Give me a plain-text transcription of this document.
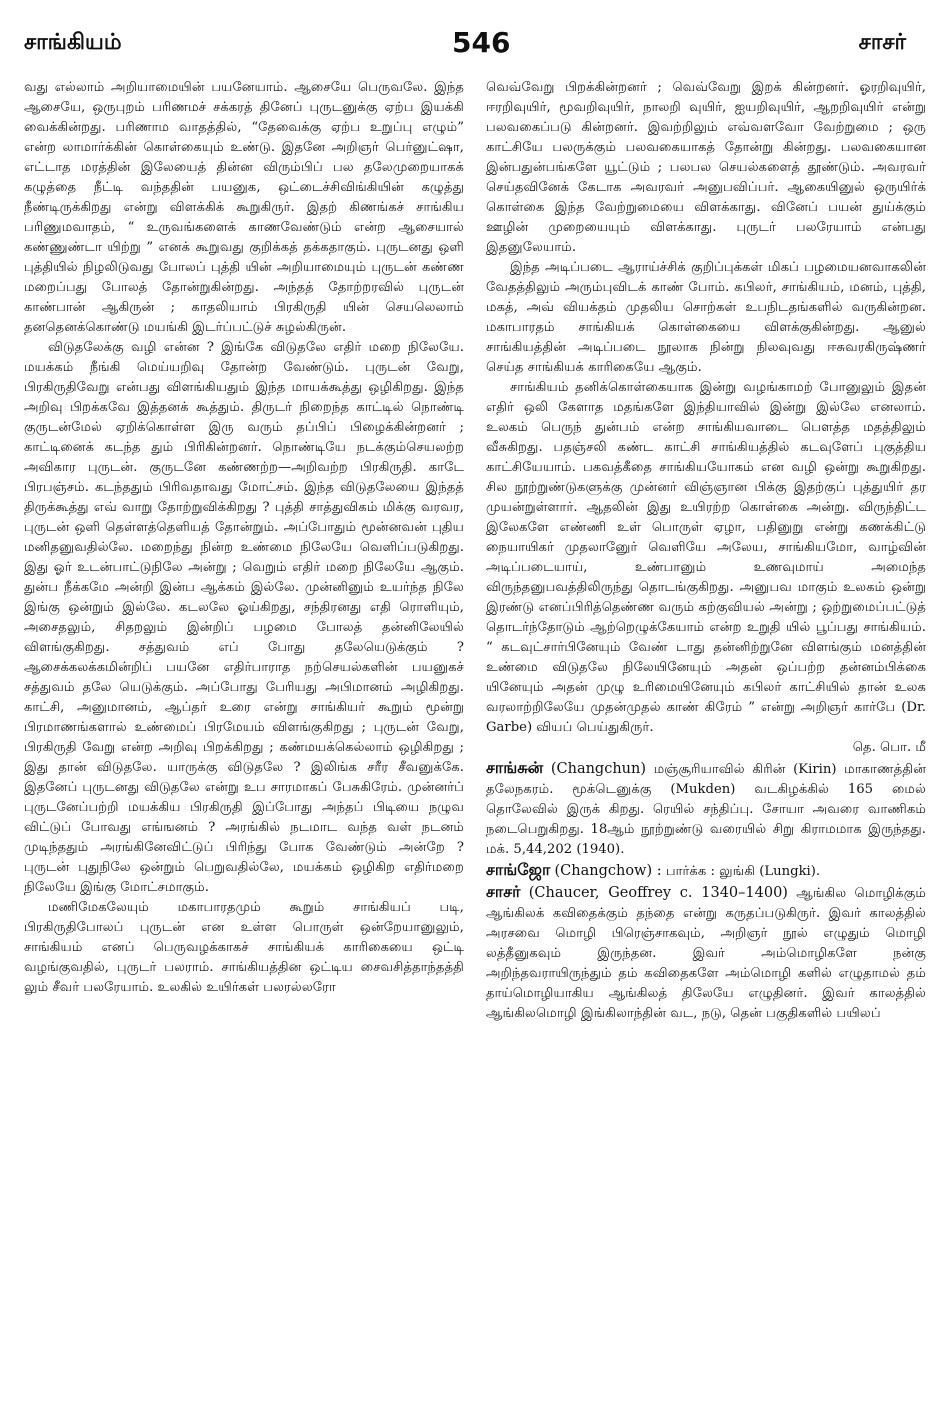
சாங்கியம்	546	சாசர்

வது எல்லாம் அறியாமையின் பயனேயாம். ஆசையே பெருவலே. இந்த ஆசையே, ஒருபுறம் பரிணமச் சக்கரத் தினேப் புருடனுக்கு ஏற்ப இயக்கி வைக்கின்றது. பரிணாம வாதத்தில், “தேவைக்கு ஏற்ப உறுப்பு எழும்” என்ற லாமார்க்கின் கொள்கையும் உண்டு. இதனே அறிஞர் பெர்னுட்ஷா, எட்டாத மரத்தின் இலேயைத் தின்ன விரும்பிப் பல தலேமுறையாகக் கழுத்தை நீட்டி வந்ததின் பயனுக, ஒட்டைச்சிவிங்கியின் கழுத்து நீண்டிருக்கிறது என்று விளக்கிக் கூறுகிருர். இதற் கிணங்கச் சாங்கிய பரிணுமவாதம், “ உருவங்களைக் காணவேண்டும் என்ற ஆசையால் கண்ணுண்டா யிற்று ” எனக் கூறுவது குறிக்கத் தக்கதாகும். புருடனது ஒளி புத்தியில் நிழலிடுவது போலப் புத்தி யின் அறியாமையும் புருடன் கண்ண மறைப்பது போலத் தோன்றுகின்றது. அந்தத் தோற்றரவில் புருடன் காண்பான் ஆகிருன் ; காதலியாம் பிரகிருதி யின் செயலெலாம் தனதெனக்கொண்டு மயங்கி இடர்ப்பட்டுச் சுழல்கிருன்.

விடுதலேக்கு வழி என்ன ? இங்கே விடுதலே எதிர் மறை நிலேயே. மயக்கம் நீங்கி மெய்யறிவு தோன்ற வேண்டும். புருடன் வேறு, பிரகிருதிவேறு என்பது விளங்கியதும் இந்த மாயக்கூத்து ஒழிகிறது. இந்த அறிவு பிறக்கவே இத்தனக் கூத்தும். திருடர் நிறைந்த காட்டில் நொண்டி குருடன்மேல் ஏறிக்கொள்ள இரு வரும் தப்பிப் பிழைக்கின்றனர் ; காட்டினைக் கடந்த தும் பிரிகின்றனர். நொண்டியே நடக்கும்செயலற்ற அவிகார புருடன். குருடனே கண்ணற்ற—அறிவற்ற பிரகிருதி. காடே பிரபஞ்சம். கடந்ததும் பிரிவதாவது மோட்சம். இந்த விடுதலேயை இந்தத் திருக்கூத்து எவ் வாறு தோற்றுவிக்கிறது ? புத்தி சாத்துவிகம் மிக்கு வரவர, புருடன் ஒளி தெள்ளத்தெளியத் தோன்றும். அப்போதும் மூன்னவன் புதிய மனிதனுவதில்லே. மறைந்து நின்ற உண்மை நிலேயே வெளிப்படுகிறது. இது ஓர் உடன்பாட்டுநிலே அன்று ; வெறும் எதிர் மறை நிலேயே ஆகும். துன்ப நீக்கமே அன்றி இன்ப ஆக்கம் இல்லே. முன்னினும் உயர்ந்த நிலே இங்கு ஒன்றும் இல்லே. கடலலே ஓய்கிறது, சந்திரனது எதி ரொளியும், அசைதலும், சிதறலும் இன்றிப் பழமை போலத் தன்னிலேயில் விளங்குகிறது. சத்துவம் எப் போது தலேயெடுக்கும் ? ஆசைக்கலக்கமின்றிப் பயனே எதிர்பாராத நற்செயல்களின் பயனுகச் சத்துவம் தலே யெடுக்கும். அப்போது பேரியது அபிமானம் அழிகிறது. காட்சி, அனுமானம், ஆப்தர் உரை என்று சாங்கியர் கூறும் மூன்று பிரமாணங்களால் உண்மைப் பிரமேயம் விளங்குகிறது ; புருடன் வேறு, பிரகிருதி வேறு என்ற அறிவு பிறக்கிறது ; கண்மயக்கெல்லாம் ஒழிகிறது ; இது தான் விடுதலே. யாருக்கு விடுதலே ? இலிங்க சரீர சீவனுக்கே. இதனேப் புருடனது விடுதலே என்று உப சாரமாகப் பேசுகிரேம். முன்னர்ப் புருடனேப்பற்றி மயக்கிய பிரகிருதி இப்போது அந்தப் பிடியை நழுவ விட்டுப் போவது எங்ஙனம் ? அரங்கில் நடமாட வந்த வள் நடனம் முடிந்ததும் அரங்கினேவிட்டுப் பிரிந்து போக வேண்டும் அன்றே ? புருடன் புதுநிலே ஒன்றும் பெறுவதில்லே, மயக்கம் ஒழிகிற எதிர்மறை நிலேயே இங்கு மோட்சமாகும்.

மணிமேகலேயும் மகாபாரதமும் கூறும் சாங்கியப் படி, பிரகிருதிபோலப் புருடன் என உள்ள பொருள் ஒன்றேயானுலும், சாங்கியம் எனப் பெருவழக்காகச் சாங்கியக் காரிகையை ஒட்டி வழங்குவதில், புருடர் பலராம். சாங்கியத்தின ஒட்டிய சைவசித்தாந்தத்தி லும் சீவர் பலரேயாம். உலகில் உயிர்கள் பலரல்லரோ

வெவ்வேறு பிறக்கின்றனர் ; வெவ்வேறு இறக் கின்றனர். ஓரறிவுயிர், ஈரறிவுயிர், மூவறிவுயிர், நாலறி வுயிர், ஐயறிவுயிர், ஆறறிவுயிர் என்று பலவகைப்படு கின்றனர். இவற்றிலும் எவ்வளவோ வேற்றுமை ; ஒரு காட்சியே பலருக்கும் பலவகையாகத் தோன்று கின்றது. பலவகையான இன்பதுன்பங்களே யூட்டும் ; பலபல செயல்களைத் தூண்டும். அவரவர் செய்தவினேக் கேடாக அவரவர் அனுபவிப்பர். ஆகையினுல் ஒருயிர்க் கொள்கை இந்த வேற்றுமையை விளக்காது. வினேப் பயன் துய்க்கும் ஊழின் முறையையும் விளக்காது. புருடர் பலரேயாம் என்பது இதனுலேயாம்.

இந்த அடிப்படை ஆராய்ச்சிக் குறிப்புக்கள் மிகப் பழமையனவாகலின் வேதத்திலும் அரும்புவிடக் காண் போம். கபிலர், சாங்கியம், மனம், புத்தி, மகத், அவ் வியக்தம் முதலிய சொற்கள் உபநிடதங்களில் வருகின்றன. மகாபாரதம் சாங்கியக் கொள்கையை விளக்குகின்றது. ஆனுல் சாங்கியத்தின் அடிப்படை நூலாக நின்று நிலவுவது ஈசுவரகிருஷ்ணர் செய்த சாங்கியக் காரிகையே ஆகும்.

சாங்கியம் தனிக்கொள்கையாக இன்று வழங்காமற் போனுலும் இதன் எதிர் ஒலி கேளாத மதங்களே இந்தியாவில் இன்று இல்லே எனலாம். உலகம் பெருந் துன்பம் என்ற சாங்கியவாடை பௌத்த மதத்திலும் வீசுகிறது. பதஞ்சலி கண்ட காட்சி சாங்கியத்தில் கடவுளேப் புகுத்திய காட்சியேயாம். பகவத்கீதை சாங்கியயோகம் என வழி ஒன்று கூறுகிறது. சில நூற்றுண்டுகளுக்கு முன்னர் விஞ்ஞான பிக்கு இதற்குப் புத்துயிர் தர முயன்றுள்ளார். ஆதலின் இது உயிரற்ற கொள்கை அன்று. விருந்திட்ட இலேகளே எண்ணி உள் பொருள் ஏழா, பதினுறு என்று கணக்கிட்டு நையாயிகர் முதலானுேர் வெளியே அலேய, சாங்கியமோ, வாழ்வின் அடிப்படையாய், உண்பானும் உணவுமாய் அமைந்த விருந்தனுபவத்திலிருந்து தொடங்குகிறது. அனுபவ மாகும் உலகம் ஒன்று இரண்டு எனப்பிரித்தெண்ண வரும் கற்குவியல் அன்று ; ஒற்றுமைப்பட்டுத் தொடர்ந்தோடும் ஆற்றெழுக்கேயாம் என்ற உறுதி யில் பூப்பது சாங்கியம். “ கடவுட்சார்பினேயும் வேண் டாது தன்னிற்றுனே விளங்கும் மனத்தின் உண்மை விடுதலே நிலேயினேயும் அதன் ஒப்பற்ற தன்னம்பிக்கை யினேயும் அதன் முழு உரிமையினேயும் கபிலர் காட்சியில் தான் உலக வரலாற்றிலேயே முதன்முதல் காண் கிரேம் ” என்று அறிஞர் கார்பே (Dr. Garbe) வியப் பெய்துகிருர்.

தெ. பொ. மீ

சாங்சுன் (Changchun) மஞ்சூரியாவில் கிரின் (Kirin) மாகாணத்தின் தலேநகரம். மூக்டெனுக்கு (Mukden) வடகிழக்கில் 165 மைல் தொலேவில் இருக் கிறது. ரெயில் சந்திப்பு. சோயா அவரை வாணிகம் நடைபெறுகிறது. 18ஆம் நூற்றுண்டு வரையில் சிறு கிராமமாக இருந்தது. மக். 5,44,202 (1940).

சாங்ஜோ (Changchow) : பார்க்க : லுங்கி (Lungki).

சாசர் (Chaucer, Geoffrey c. 1340–1400) ஆங்கில மொழிக்கும் ஆங்கிலக் கவிதைக்கும் தந்தை என்று கருதப்படுகிருர். இவர் காலத்தில் அரசவை மொழி பிரெஞ்சாகவும், அறிஞர் நூல் எழுதும் மொழி லத்தீனுகவும் இருந்தன. இவர் அம்மொழிகளே நன்கு அறிந்தவராயிருந்தும் தம் கவிதைகளே அம்மொழி களில் எழுதாமல் தம் தாய்மொழியாகிய ஆங்கிலத் திலேயே எழுதினர். இவர் காலத்தில் ஆங்கிலமொழி இங்கிலாந்தின் வட, நடு, தென் பகுதிகளில் பயிலப்
